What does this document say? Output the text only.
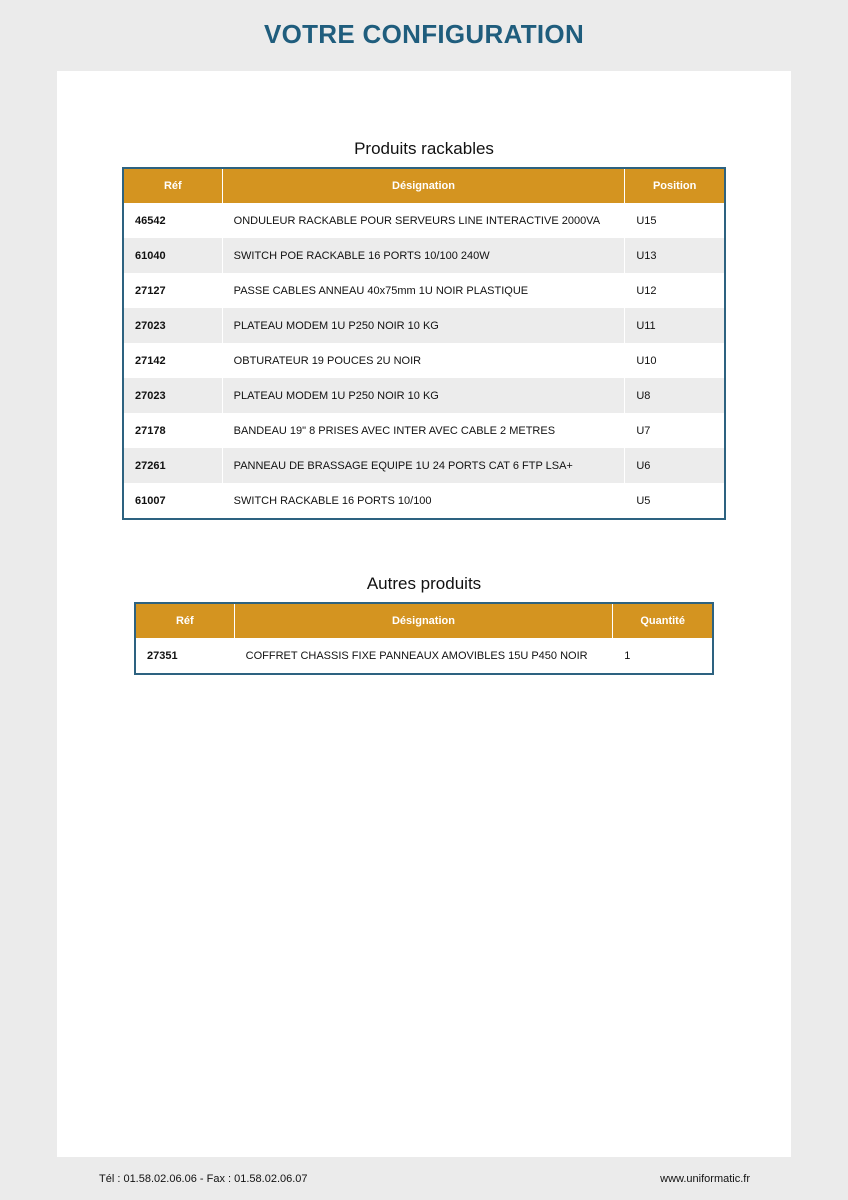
VOTRE CONFIGURATION
Produits rackables
Réf	Désignation	Position
46542	ONDULEUR RACKABLE POUR SERVEURS LINE INTERACTIVE 2000VA	U15
61040	SWITCH POE RACKABLE 16 PORTS 10/100 240W	U13
27127	PASSE CABLES ANNEAU 40x75mm 1U NOIR PLASTIQUE	U12
27023	PLATEAU MODEM 1U P250 NOIR 10 KG	U11
27142	OBTURATEUR 19 POUCES 2U NOIR	U10
27023	PLATEAU MODEM 1U P250 NOIR 10 KG	U8
27178	BANDEAU 19" 8 PRISES AVEC INTER AVEC CABLE 2 METRES	U7
27261	PANNEAU DE BRASSAGE EQUIPE 1U 24 PORTS CAT 6 FTP LSA+	U6
61007	SWITCH RACKABLE 16 PORTS 10/100	U5
Autres produits
Réf	Désignation	Quantité
27351	COFFRET CHASSIS FIXE PANNEAUX AMOVIBLES 15U P450 NOIR	1
Tél : 01.58.02.06.06 - Fax : 01.58.02.06.07	www.uniformatic.fr
